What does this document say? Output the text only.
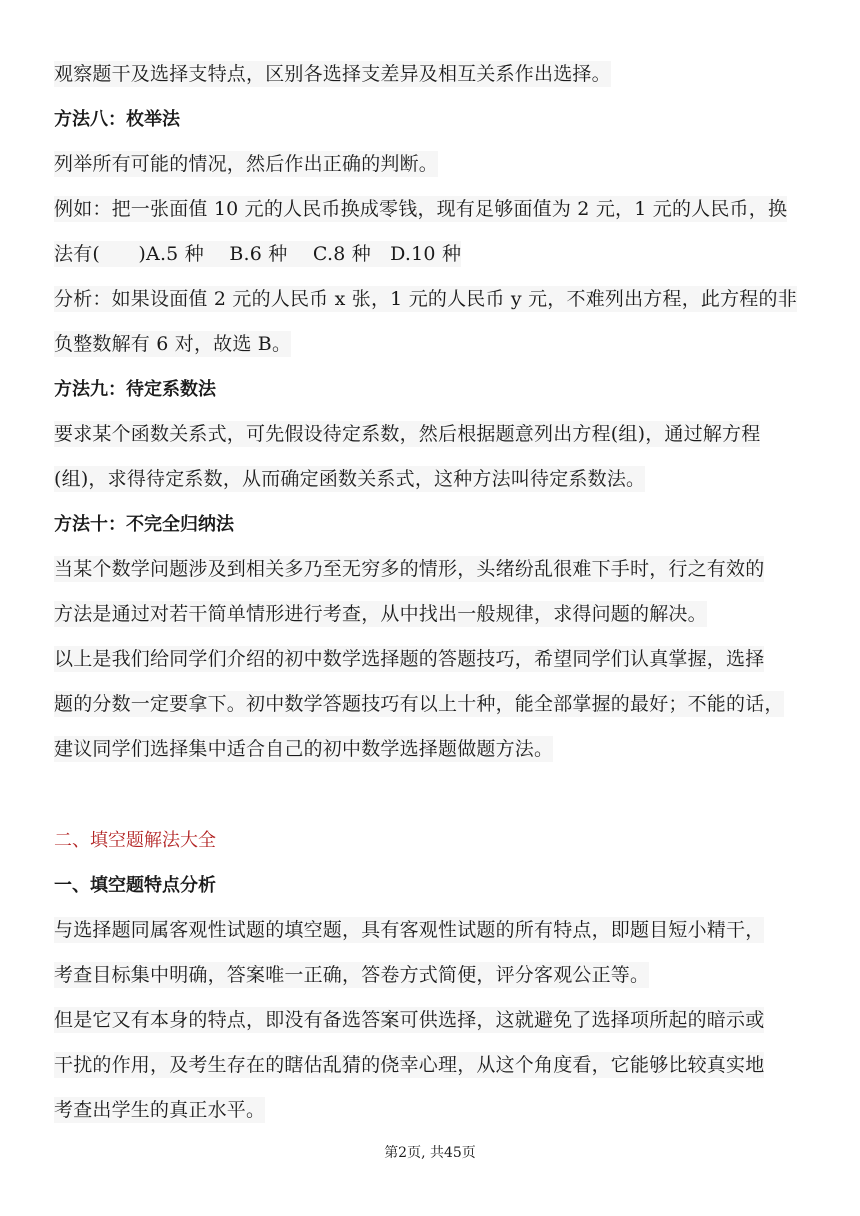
观察题干及选择支特点，区别各选择支差异及相互关系作出选择。
方法八：枚举法
列举所有可能的情况，然后作出正确的判断。
例如：把一张面值 10 元的人民币换成零钱，现有足够面值为 2 元，1 元的人民币，换
法有(　　)A.5 种　 B.6 种　 C.8 种　D.10 种
分析：如果设面值 2 元的人民币 x 张，1 元的人民币 y 元，不难列出方程，此方程的非
负整数解有 6 对，故选 B。
方法九：待定系数法
要求某个函数关系式，可先假设待定系数，然后根据题意列出方程(组)，通过解方程
(组)，求得待定系数，从而确定函数关系式，这种方法叫待定系数法。
方法十：不完全归纳法
当某个数学问题涉及到相关多乃至无穷多的情形，头绪纷乱很难下手时，行之有效的
方法是通过对若干简单情形进行考查，从中找出一般规律，求得问题的解决。
以上是我们给同学们介绍的初中数学选择题的答题技巧，希望同学们认真掌握，选择
题的分数一定要拿下。初中数学答题技巧有以上十种，能全部掌握的最好；不能的话，
建议同学们选择集中适合自己的初中数学选择题做题方法。
二、填空题解法大全
一、填空题特点分析
与选择题同属客观性试题的填空题，具有客观性试题的所有特点，即题目短小精干，
考查目标集中明确，答案唯一正确，答卷方式简便，评分客观公正等。
但是它又有本身的特点，即没有备选答案可供选择，这就避免了选择项所起的暗示或
干扰的作用，及考生存在的瞎估乱猜的侥幸心理，从这个角度看，它能够比较真实地
考查出学生的真正水平。
第2页, 共45页
